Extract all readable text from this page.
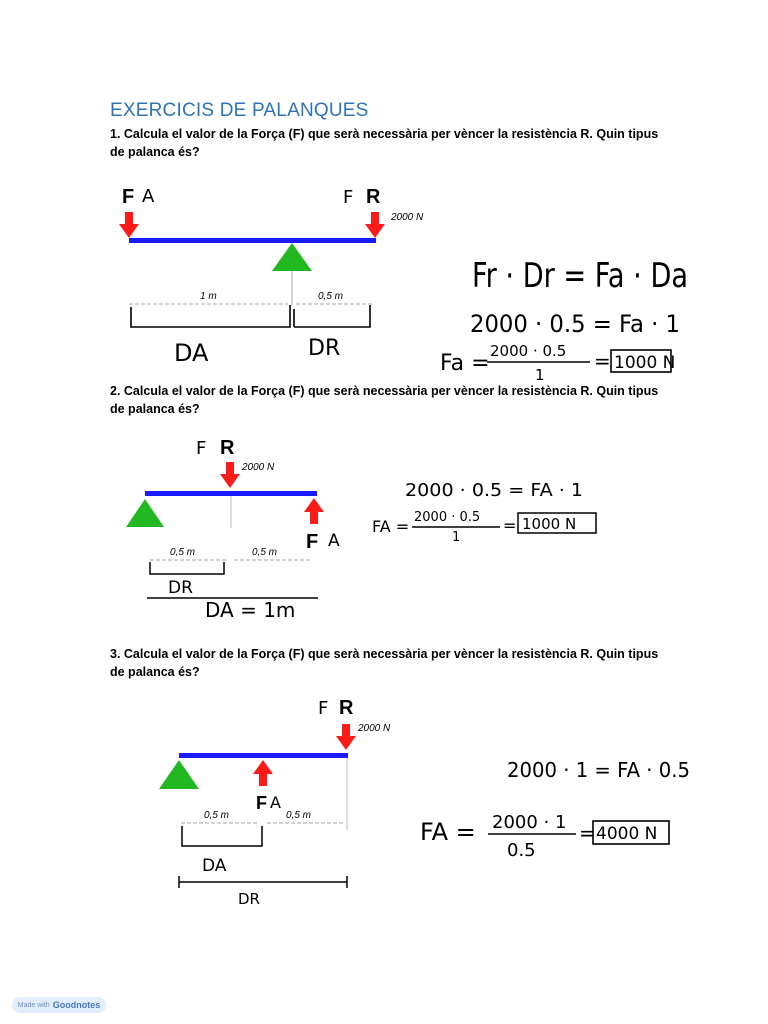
EXERCICIS DE PALANQUES
1. Calcula el valor de la Força (F) que serà necessària per vèncer la resistència R. Quin tipus
de palanca és?
F A	F R
2000 N
1 m	0,5 m
DA	DR
Fr · Dr = Fa · Da
2000 · 0.5 = Fa · 1
Fa = 2000 · 0.5
1
= 1000 N
F R
2000 N
F A
0,5 m	0,5 m
DR
DA = 1m
2000 · 0.5 = FA · 1
FA = 2000 · 0.5
1
= 1000 N
F R
2000 N
F A
0,5 m	0,5 m
DA
DR
2000 · 1 = FA · 0.5
FA = 2000 · 1
0.5
= 4000 N
2. Calcula el valor de la Força (F) que serà necessària per vèncer la resistència R. Quin tipus
de palanca és?
3. Calcula el valor de la Força (F) que serà necessària per vèncer la resistència R. Quin tipus
de palanca és?
Made with Goodnotes
